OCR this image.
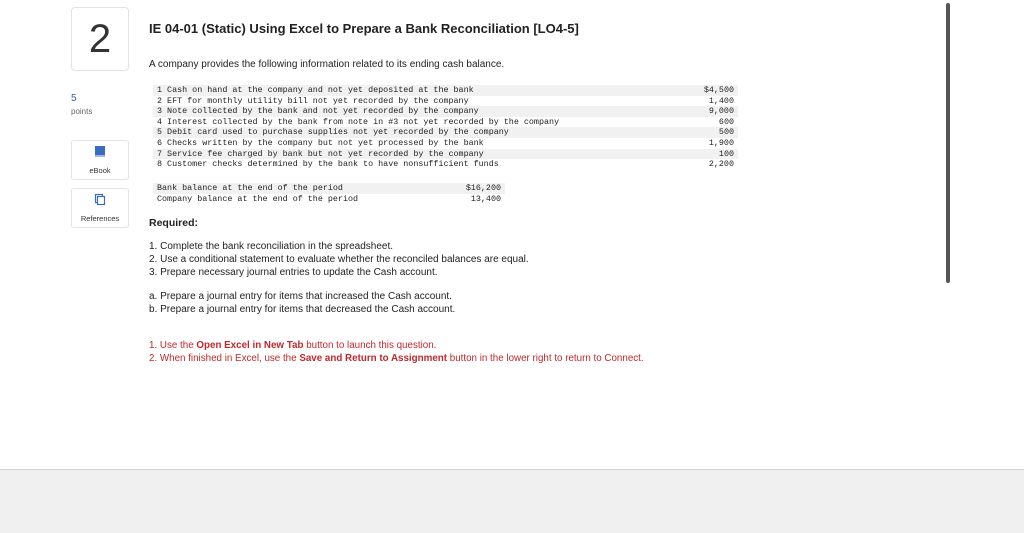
2
5
points
eBook
References
IE 04-01 (Static) Using Excel to Prepare a Bank Reconciliation [LO4-5]
A company provides the following information related to its ending cash balance.
1 Cash on hand at the company and not yet deposited at the bank	$4,500
2 EFT for monthly utility bill not yet recorded by the company	1,400
3 Note collected by the bank and not yet recorded by the company	9,000
4 Interest collected by the bank from note in #3 not yet recorded by the company	600
5 Debit card used to purchase supplies not yet recorded by the company	500
6 Checks written by the company but not yet processed by the bank	1,900
7 Service fee charged by bank but not yet recorded by the company	100
8 Customer checks determined by the bank to have nonsufficient funds	2,200
Bank balance at the end of the period	$16,200
Company balance at the end of the period	13,400
Required:
1. Complete the bank reconciliation in the spreadsheet.
2. Use a conditional statement to evaluate whether the reconciled balances are equal.
3. Prepare necessary journal entries to update the Cash account.
a. Prepare a journal entry for items that increased the Cash account.
b. Prepare a journal entry for items that decreased the Cash account.
1. Use the Open Excel in New Tab button to launch this question.
2. When finished in Excel, use the Save and Return to Assignment button in the lower right to return to Connect.
